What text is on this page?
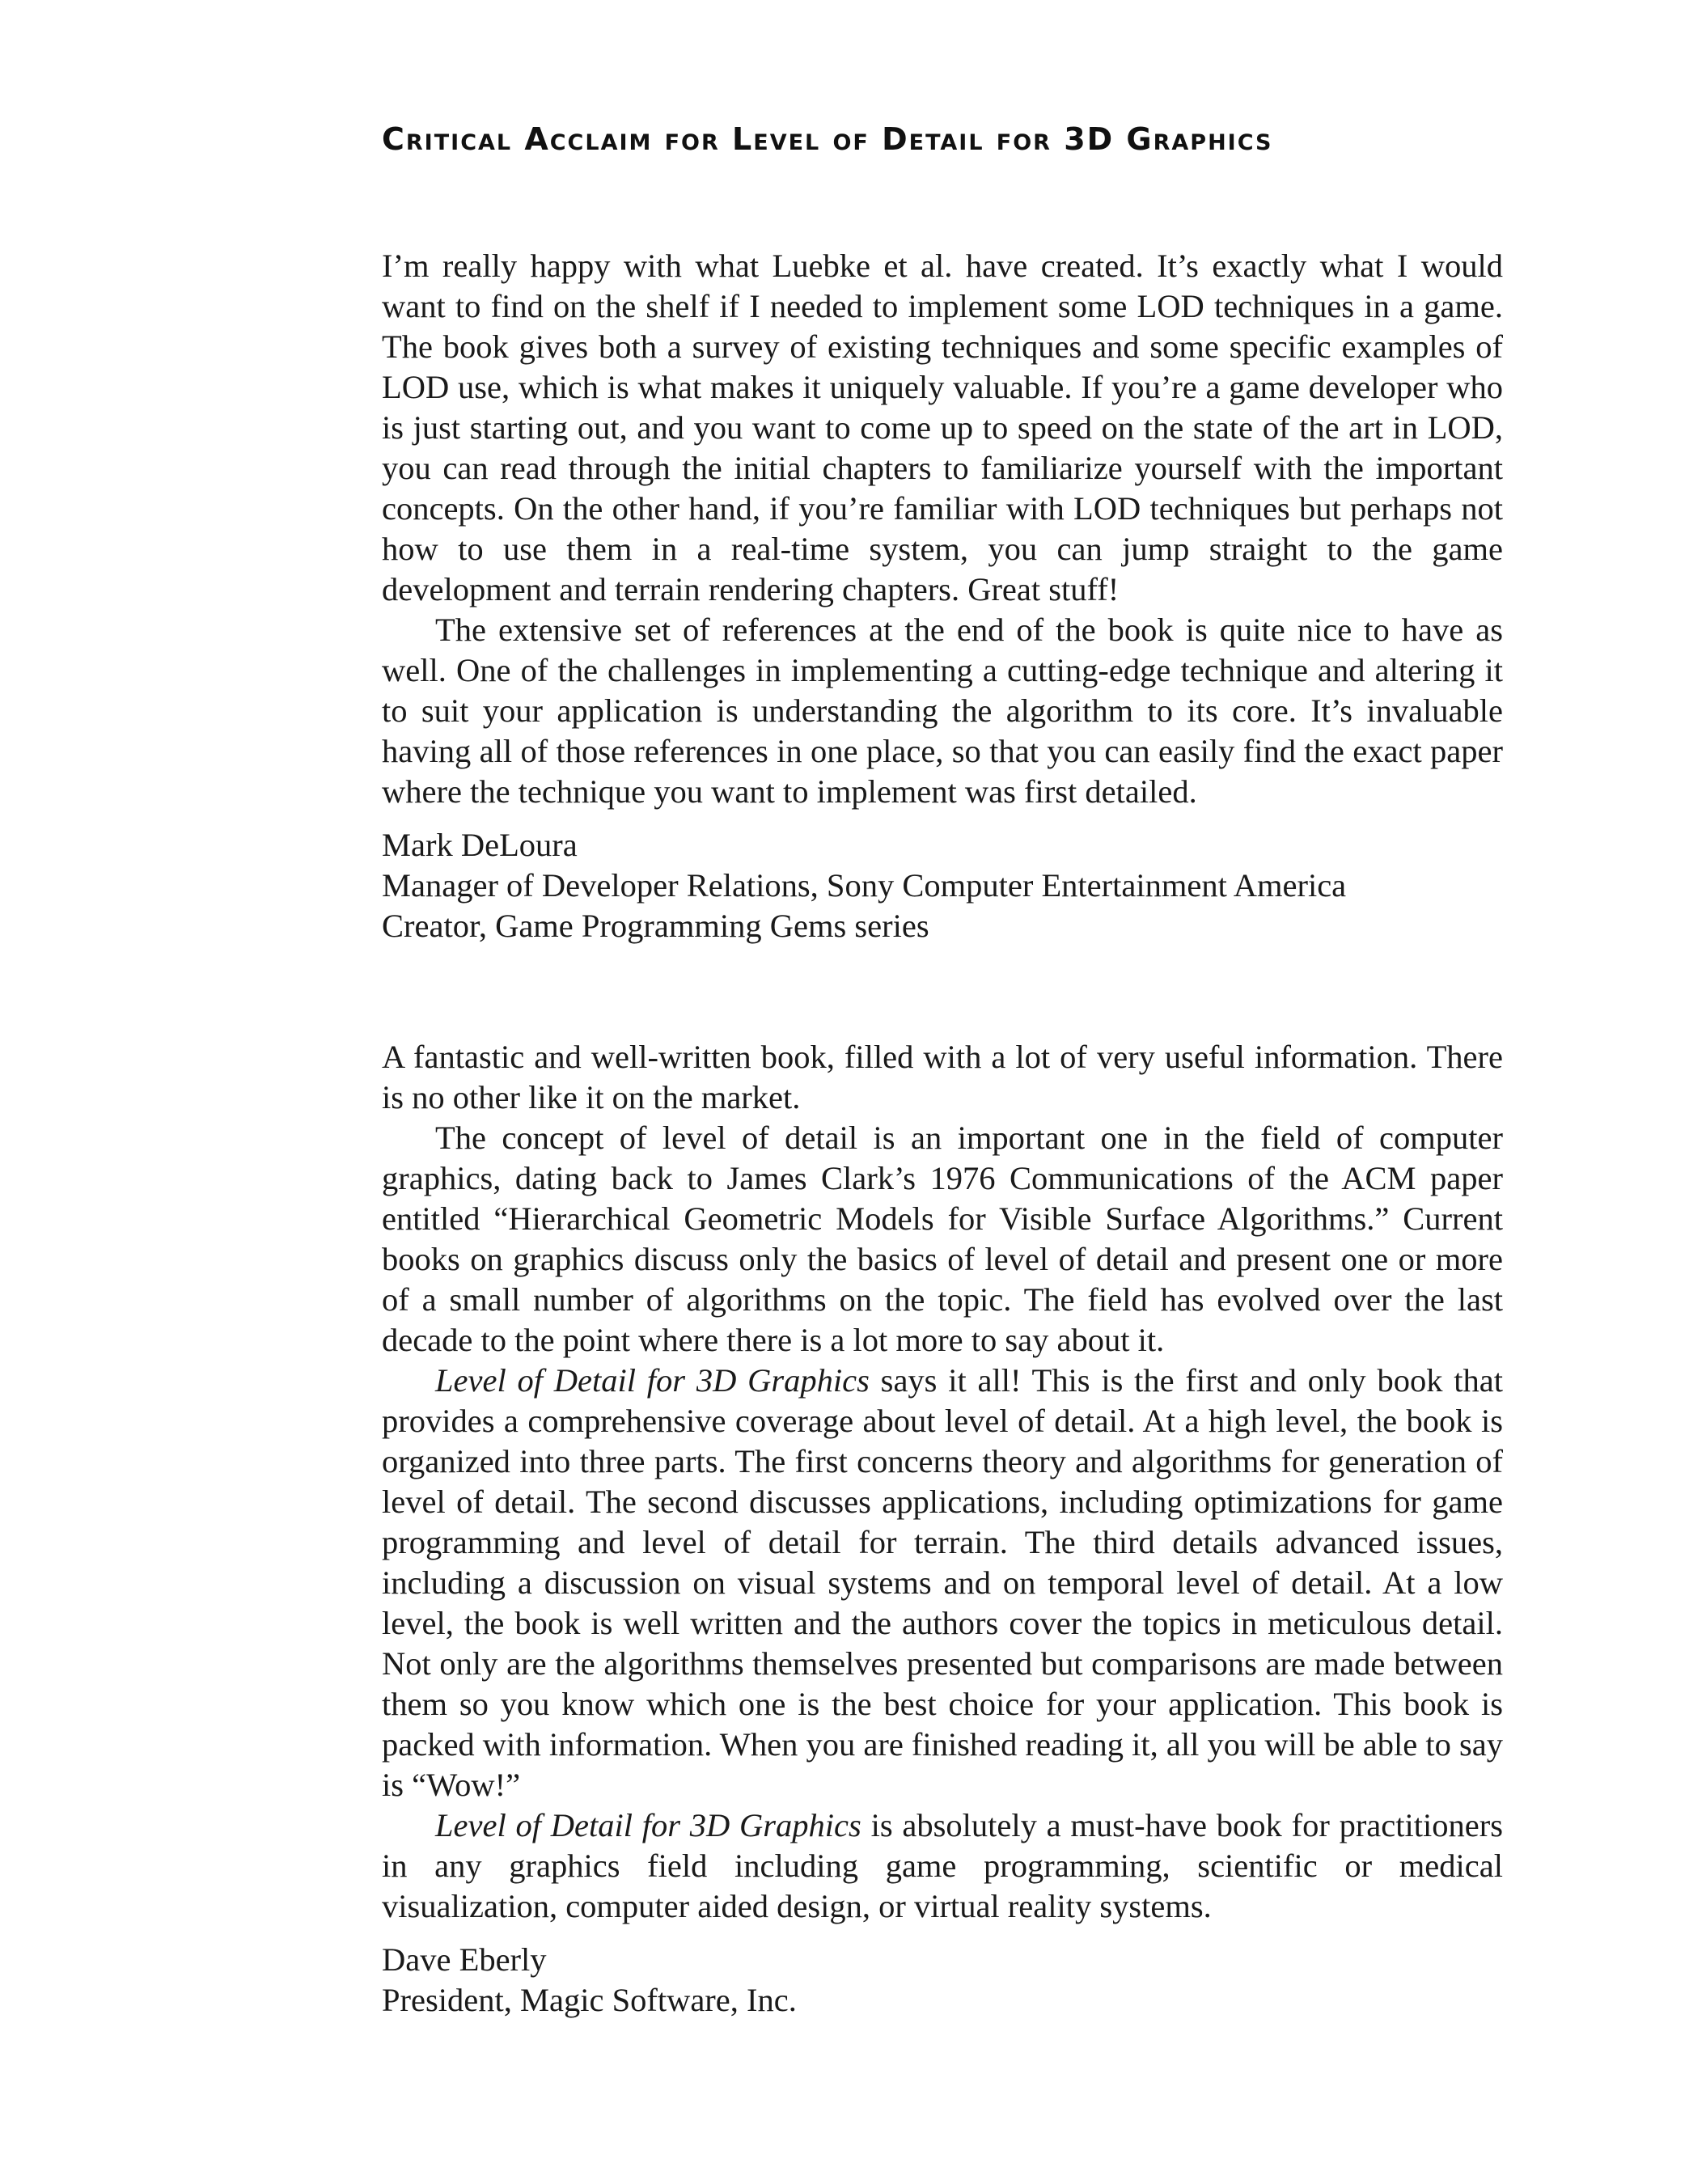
Critical Acclaim for Level of Detail for 3D Graphics

I’m really happy with what Luebke et al. have created. It’s exactly what I would want to find on the shelf if I needed to implement some LOD techniques in a game. The book gives both a survey of existing techniques and some specific examples of LOD use, which is what makes it uniquely valuable. If you’re a game developer who is just starting out, and you want to come up to speed on the state of the art in LOD, you can read through the initial chapters to familiarize yourself with the important concepts. On the other hand, if you’re familiar with LOD techniques but perhaps not how to use them in a real-time system, you can jump straight to the game development and terrain rendering chapters. Great stuff!

The extensive set of references at the end of the book is quite nice to have as well. One of the challenges in implementing a cutting-edge technique and altering it to suit your application is understanding the algorithm to its core. It’s invaluable having all of those references in one place, so that you can easily find the exact paper where the technique you want to implement was first detailed.

Mark DeLoura
Manager of Developer Relations, Sony Computer Entertainment America
Creator, Game Programming Gems series

A fantastic and well-written book, filled with a lot of very useful information. There is no other like it on the market.

The concept of level of detail is an important one in the field of computer graphics, dating back to James Clark’s 1976 Communications of the ACM paper entitled “Hierarchical Geometric Models for Visible Surface Algorithms.” Current books on graphics discuss only the basics of level of detail and present one or more of a small number of algorithms on the topic. The field has evolved over the last decade to the point where there is a lot more to say about it.

Level of Detail for 3D Graphics says it all! This is the first and only book that provides a comprehensive coverage about level of detail. At a high level, the book is organized into three parts. The first concerns theory and algorithms for generation of level of detail. The second discusses applications, including optimizations for game programming and level of detail for terrain. The third details advanced issues, including a discussion on visual systems and on temporal level of detail. At a low level, the book is well written and the authors cover the topics in meticulous detail. Not only are the algorithms themselves presented but comparisons are made between them so you know which one is the best choice for your application. This book is packed with information. When you are finished reading it, all you will be able to say is “Wow!”

Level of Detail for 3D Graphics is absolutely a must-have book for practitioners in any graphics field including game programming, scientific or medical visualization, computer aided design, or virtual reality systems.

Dave Eberly
President, Magic Software, Inc.
